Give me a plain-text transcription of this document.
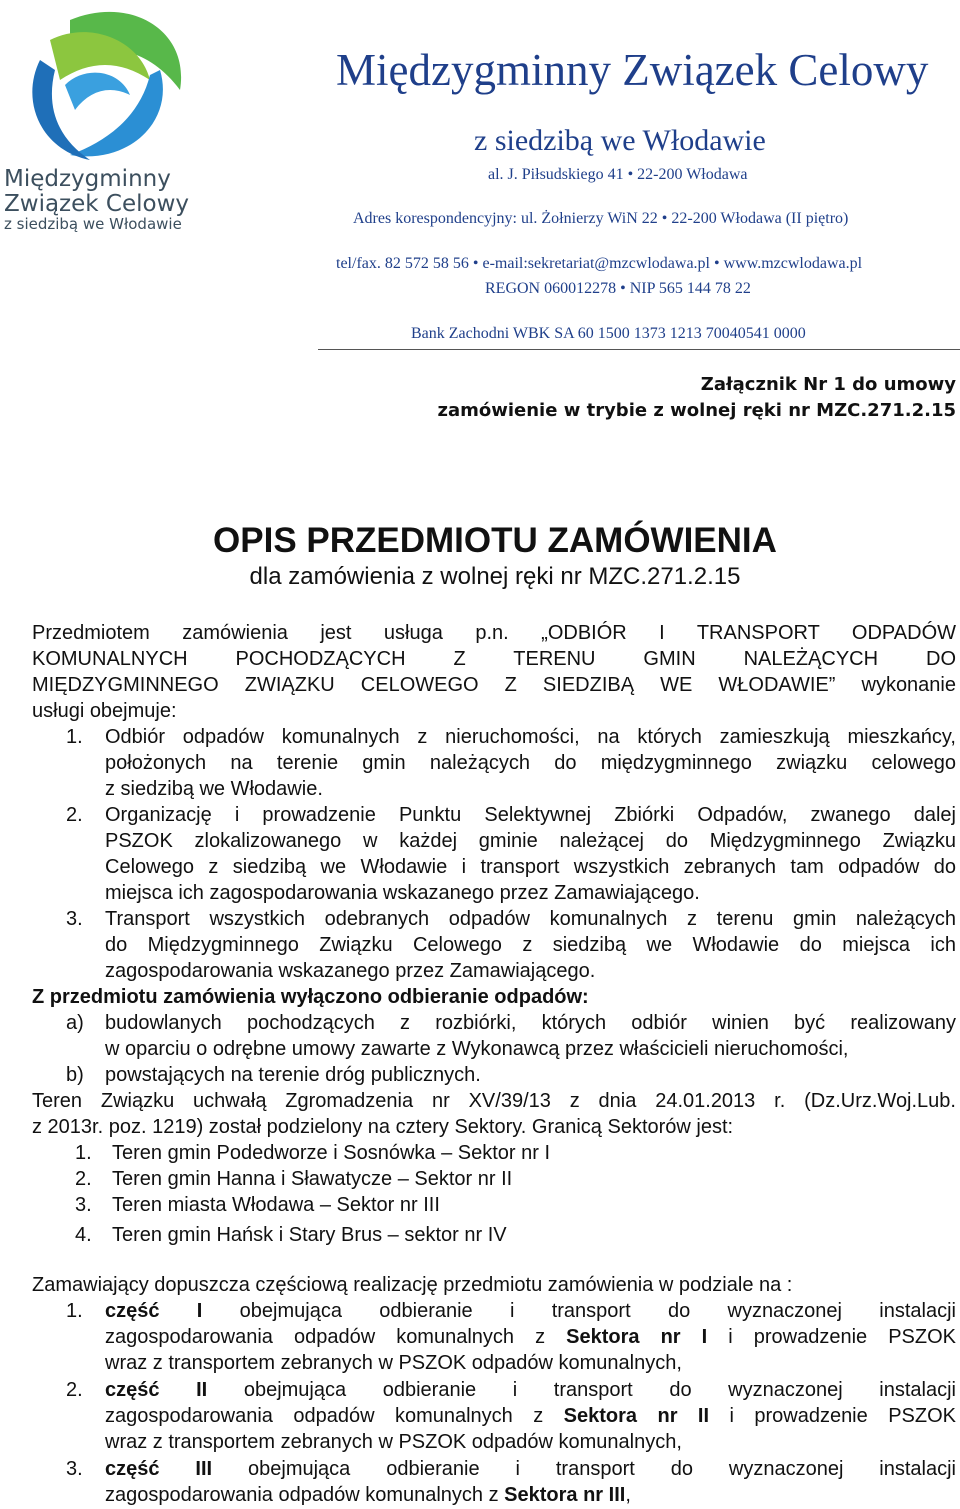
Międzygminny
Związek Celowy
z siedzibą we Włodawie
Międzygminny Związek Celowy
z siedzibą we Włodawie
al. J. Piłsudskiego 41 • 22-200 Włodawa
Adres korespondencyjny: ul. Żołnierzy WiN 22 • 22-200 Włodawa (II piętro)
tel/fax. 82 572 58 56 • e-mail:sekretariat@mzcwlodawa.pl • www.mzcwlodawa.pl
REGON 060012278 • NIP 565 144 78 22
Bank Zachodni WBK SA 60 1500 1373 1213 70040541 0000
Załącznik Nr 1 do umowy
zamówienie w trybie z wolnej ręki nr MZC.271.2.15
OPIS PRZEDMIOTU ZAMÓWIENIA
dla zamówienia z wolnej ręki nr MZC.271.2.15
Przedmiotem zamówienia jest usługa p.n. „ODBIÓR I TRANSPORT ODPADÓW
KOMUNALNYCH POCHODZĄCYCH Z TERENU GMIN NALEŻĄCYCH DO
MIĘDZYGMINNEGO ZWIĄZKU CELOWEGO Z SIEDZIBĄ WE WŁODAWIE” wykonanie
usługi obejmuje:
1. Odbiór odpadów komunalnych z nieruchomości, na których zamieszkują mieszkańcy,
położonych na terenie gmin należących do międzygminnego związku celowego
z siedzibą we Włodawie.
2. Organizację i prowadzenie Punktu Selektywnej Zbiórki Odpadów, zwanego dalej
PSZOK zlokalizowanego w każdej gminie należącej do Międzygminnego Związku
Celowego z siedzibą we Włodawie i transport wszystkich zebranych tam odpadów do
miejsca ich zagospodarowania wskazanego przez Zamawiającego.
3. Transport wszystkich odebranych odpadów komunalnych z terenu gmin należących
do Międzygminnego Związku Celowego z siedzibą we Włodawie do miejsca ich
zagospodarowania wskazanego przez Zamawiającego.
Z przedmiotu zamówienia wyłączono odbieranie odpadów:
a) budowlanych pochodzących z rozbiórki, których odbiór winien być realizowany
w oparciu o odrębne umowy zawarte z Wykonawcą przez właścicieli nieruchomości,
b) powstających na terenie dróg publicznych.
Teren Związku uchwałą Zgromadzenia nr XV/39/13 z dnia 24.01.2013 r. (Dz.Urz.Woj.Lub.
z 2013r. poz. 1219) został podzielony na cztery Sektory. Granicą Sektorów jest:
1. Teren gmin Podedworze i Sosnówka – Sektor nr I
2. Teren gmin Hanna i Sławatycze – Sektor nr II
3. Teren miasta Włodawa – Sektor nr III
4. Teren gmin Hańsk i Stary Brus – sektor nr IV
Zamawiający dopuszcza częściową realizację przedmiotu zamówienia w podziale na :
1. część I obejmująca odbieranie i transport do wyznaczonej instalacji
zagospodarowania odpadów komunalnych z Sektora nr I i prowadzenie PSZOK
wraz z transportem zebranych w PSZOK odpadów komunalnych,
2. część II obejmująca odbieranie i transport do wyznaczonej instalacji
zagospodarowania odpadów komunalnych z Sektora nr II i prowadzenie PSZOK
wraz z transportem zebranych w PSZOK odpadów komunalnych,
3. część III obejmująca odbieranie i transport do wyznaczonej instalacji
zagospodarowania odpadów komunalnych z Sektora nr III,
